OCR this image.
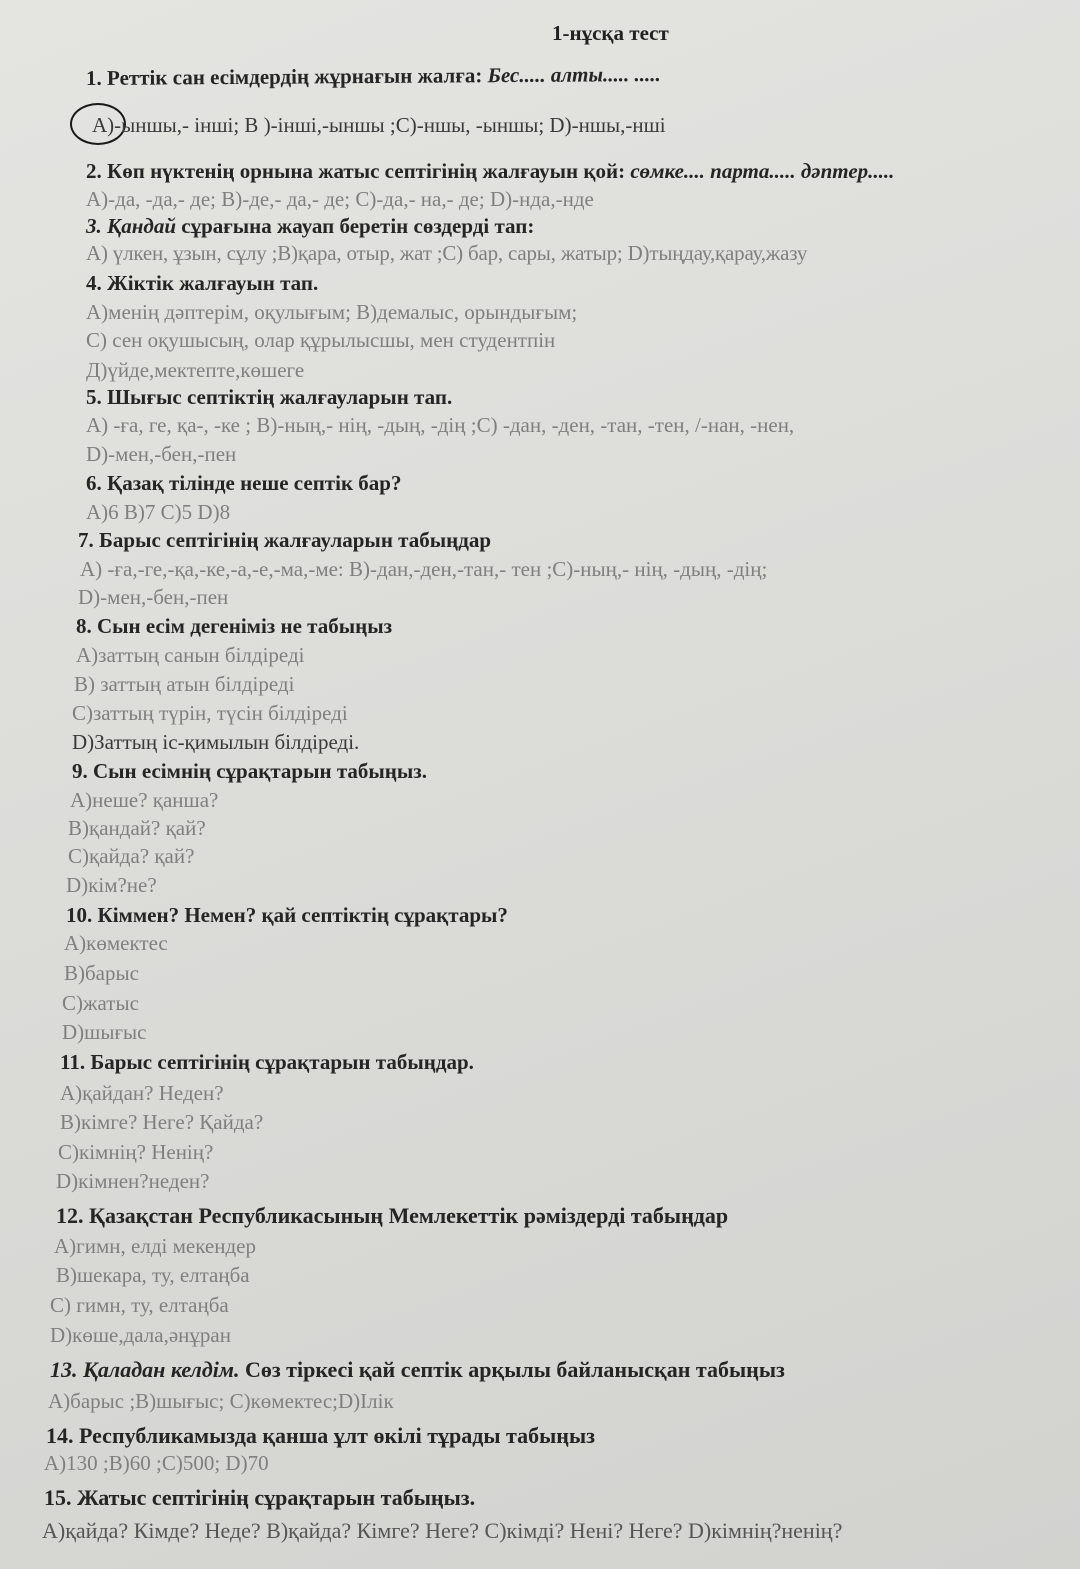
1-нұсқа тест
1. Реттік сан есімдердің жұрнағын жалға: Бес..... алты..... .....
А)-ыншы,- інші; В )-інші,-ыншы ;С)-ншы, -ыншы; D)-ншы,-нші
2. Көп нүктенің орнына жатыс септігінің жалғауын қой: сөмке.... парта..... дәптер.....
А)-да, -да,- де; В)-де,- да,- де; С)-да,- на,- де; D)-нда,-нде
3. Қандай сұрағына жауап беретін сөздерді тап:
А) үлкен, ұзын, сұлу ;В)қара, отыр, жат ;С) бар, сары, жатыр; D)тыңдау,қарау,жазу
4. Жіктік жалғауын тап.
А)менің дәптерім, оқулығым; В)демалыс, орындығым;
С) сен оқушысың, олар құрылысшы, мен студентпін
Д)үйде,мектепте,көшеге
5. Шығыс септіктің жалғауларын тап.
А) -ға, ге, қа-, -ке ; В)-ның,- нің, -дың, -дің ;С) -дан, -ден, -тан, -тен, /-нан, -нен,
D)-мен,-бен,-пен
6. Қазақ тілінде неше септік бар?
А)6 В)7 С)5 D)8
7. Барыс септігінің жалғауларын табыңдар
А) -ға,-ге,-қа,-ке,-а,-е,-ма,-ме: В)-дан,-ден,-тан,- тен ;С)-ның,- нің, -дың, -дің;
D)-мен,-бен,-пен
8. Сын есім дегеніміз не табыңыз
А)заттың санын білдіреді
В) заттың атын білдіреді
С)заттың түрін, түсін білдіреді
D)Заттың іс-қимылын білдіреді.
9. Сын есімнің сұрақтарын табыңыз.
А)неше? қанша?
В)қандай? қай?
С)қайда? қай?
D)кім?не?
10. Кіммен? Немен? қай септіктің сұрақтары?
А)көмектес
В)барыс
С)жатыс
D)шығыс
11. Барыс септігінің сұрақтарын табыңдар.
А)қайдан? Неден?
В)кімге? Неге? Қайда?
С)кімнің? Ненің?
D)кімнен?неден?
12. Қазақстан Республикасының Мемлекеттік рәміздерді табыңдар
А)гимн, елді мекендер
В)шекара, ту, елтаңба
С) гимн, ту, елтаңба
D)көше,дала,әнұран
13. Қаладан келдім. Сөз тіркесі қай септік арқылы байланысқан табыңыз
А)барыс ;В)шығыс; С)көмектес;D)Ілік
14. Республикамызда қанша ұлт өкілі тұрады табыңыз
А)130 ;В)60 ;С)500; D)70
15. Жатыс септігінің сұрақтарын табыңыз.
А)қайда? Кімде? Неде? В)қайда? Кімге? Неге? С)кімді? Нені? Неге? D)кімнің?ненің?
